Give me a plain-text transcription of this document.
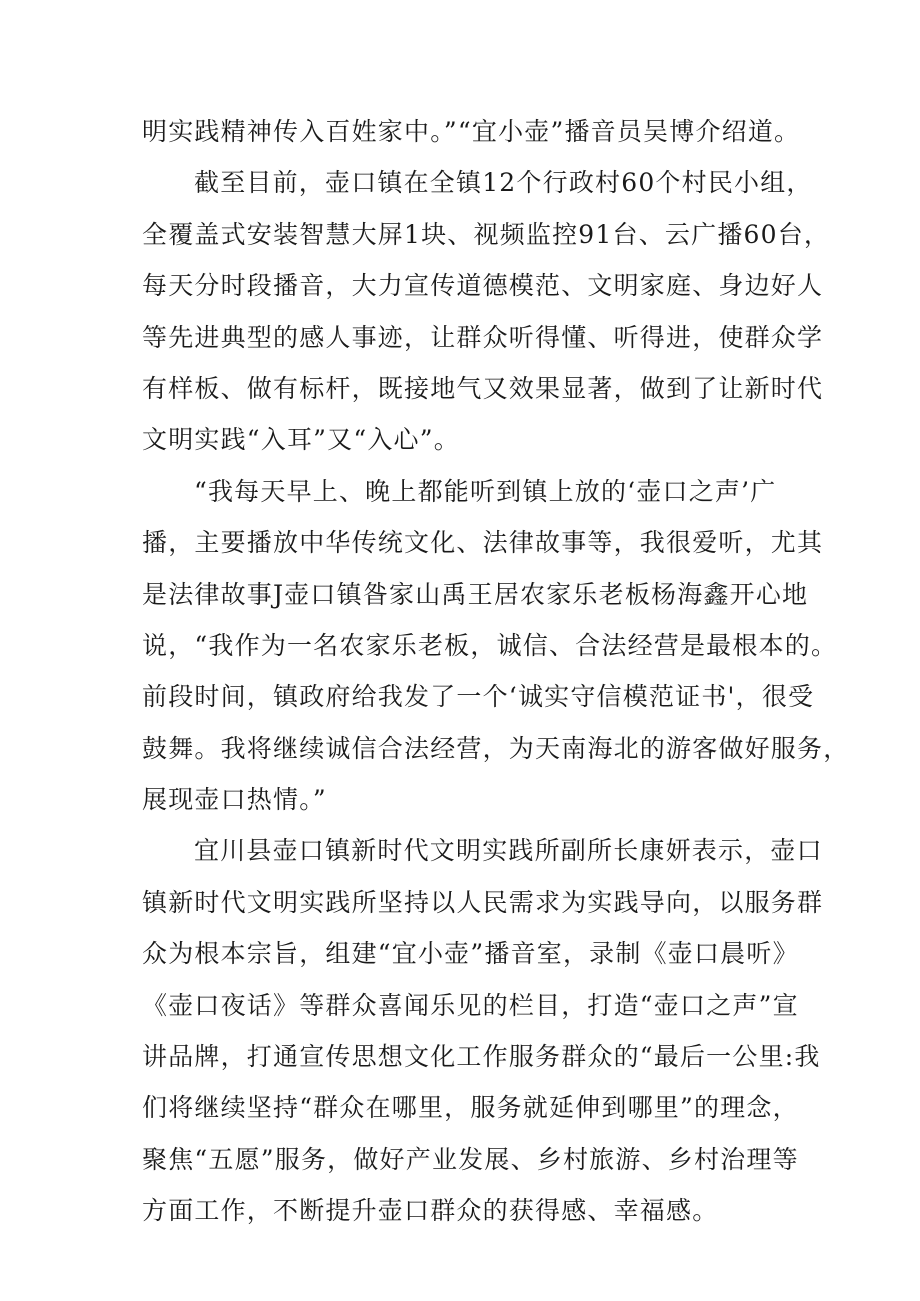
明实践精神传入百姓家中。”“宜小壶”播音员吴博介绍道。
截至目前，壶口镇在全镇12个行政村60个村民小组，
全覆盖式安装智慧大屏1块、视频监控91台、云广播60台，
每天分时段播音，大力宣传道德模范、文明家庭、身边好人
等先进典型的感人事迹，让群众听得懂、听得进，使群众学
有样板、做有标杆，既接地气又效果显著，做到了让新时代
文明实践“入耳”又“入心”。
“我每天早上、晚上都能听到镇上放的‘壶口之声’广
播，主要播放中华传统文化、法律故事等，我很爱听，尤其
是法律故事J壶口镇昝家山禹王居农家乐老板杨海鑫开心地
说，“我作为一名农家乐老板，诚信、合法经营是最根本的。
前段时间，镇政府给我发了一个‘诚实守信模范证书'，很受
鼓舞。我将继续诚信合法经营，为天南海北的游客做好服务，
展现壶口热情。”
宜川县壶口镇新时代文明实践所副所长康妍表示，壶口
镇新时代文明实践所坚持以人民需求为实践导向，以服务群
众为根本宗旨，组建“宜小壶”播音室，录制《壶口晨听》
《壶口夜话》等群众喜闻乐见的栏目，打造“壶口之声”宣
讲品牌，打通宣传思想文化工作服务群众的“最后一公里:我
们将继续坚持“群众在哪里，服务就延伸到哪里”的理念，
聚焦“五愿”服务，做好产业发展、乡村旅游、乡村治理等
方面工作，不断提升壶口群众的获得感、幸福感。
